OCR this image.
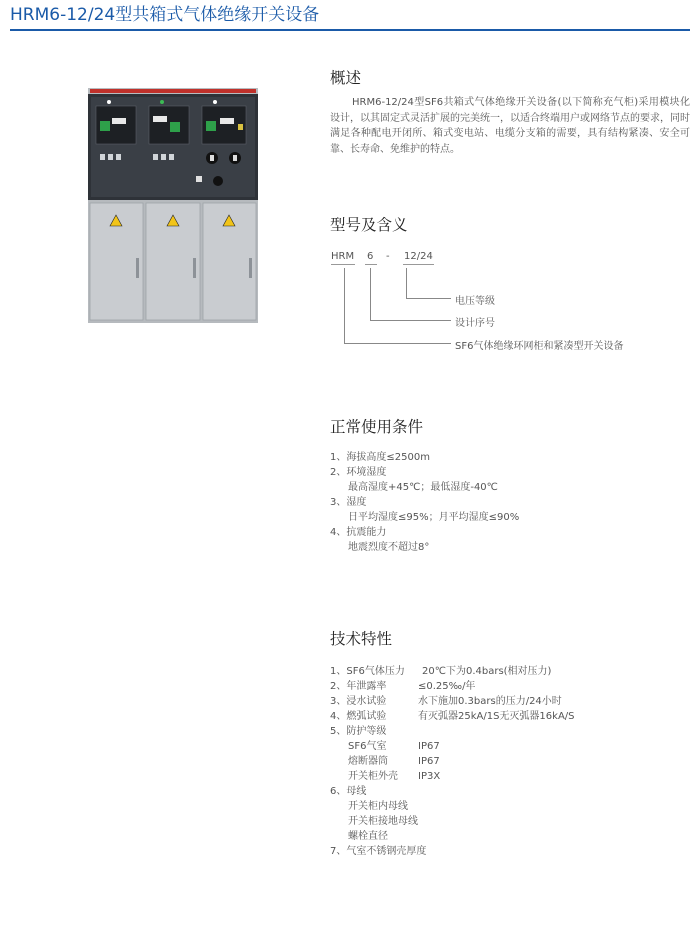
HRM6-12/24型共箱式气体绝缘开关设备
概述
HRM6-12/24型SF6共箱式气体绝缘开关设备(以下简称充气柜)采用模块化设计，以其固定式灵活扩展的完美统一，以适合终端用户或网络节点的要求，同时满足各种配电开闭所、箱式变电站、电缆分支箱的需要，具有结构紧凑、安全可靠、长寿命、免维护的特点。
型号及含义
HRM 6 - 12/24
电压等级
设计序号
SF6气体绝缘环网柜和紧凑型开关设备
正常使用条件
1、海拔高度≤2500m
2、环境湿度
最高湿度+45℃；最低湿度-40℃
3、湿度
日平均湿度≤95%；月平均湿度≤90%
4、抗震能力
地震烈度不超过8°
技术特性
1、SF6气体压力 20℃下为0.4bars(相对压力)
2、年泄露率	≤0.25‰/年
3、浸水试验	水下施加0.3bars的压力/24小时
4、燃弧试验	有灭弧器25kA/1S无灭弧器16kA/S
5、防护等级
SF6气室	IP67
熔断器筒	IP67
开关柜外壳 IP3X
6、母线
开关柜内母线
开关柜接地母线
螺栓直径
7、气室不锈钢壳厚度
